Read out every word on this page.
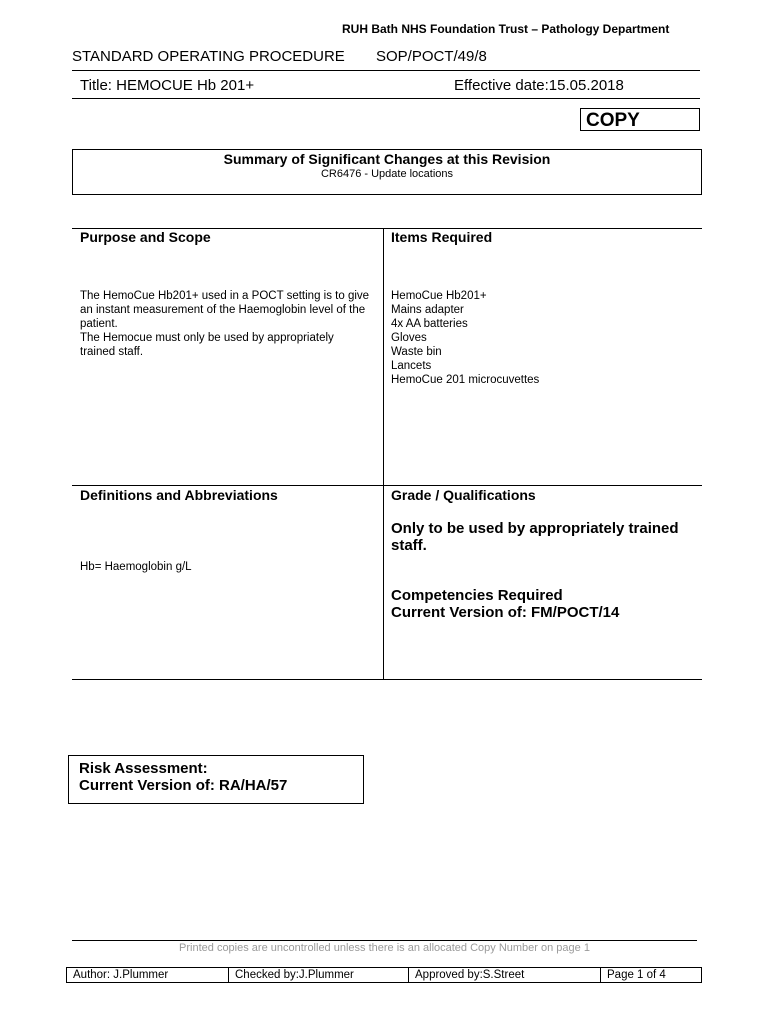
RUH Bath NHS Foundation Trust – Pathology Department
STANDARD OPERATING PROCEDURE SOP/POCT/49/8
Title: HEMOCUE Hb 201+	Effective date:15.05.2018
COPY
Summary of Significant Changes at this Revision
CR6476 - Update locations
Purpose and Scope
The HemoCue Hb201+ used in a POCT setting is to give an instant measurement of the Haemoglobin level of the patient.
The Hemocue must only be used by appropriately trained staff.
Items Required
HemoCue Hb201+
Mains adapter
4x AA batteries
Gloves
Waste bin
Lancets
HemoCue 201 microcuvettes
Definitions and Abbreviations
Hb= Haemoglobin g/L
Grade / Qualifications
Only to be used by appropriately trained staff.
Competencies Required
Current Version of: FM/POCT/14
Risk Assessment:
Current Version of: RA/HA/57
Printed copies are uncontrolled unless there is an allocated Copy Number on page 1
Author: J.Plummer	Checked by:J.Plummer	Approved by:S.Street	Page 1 of 4
